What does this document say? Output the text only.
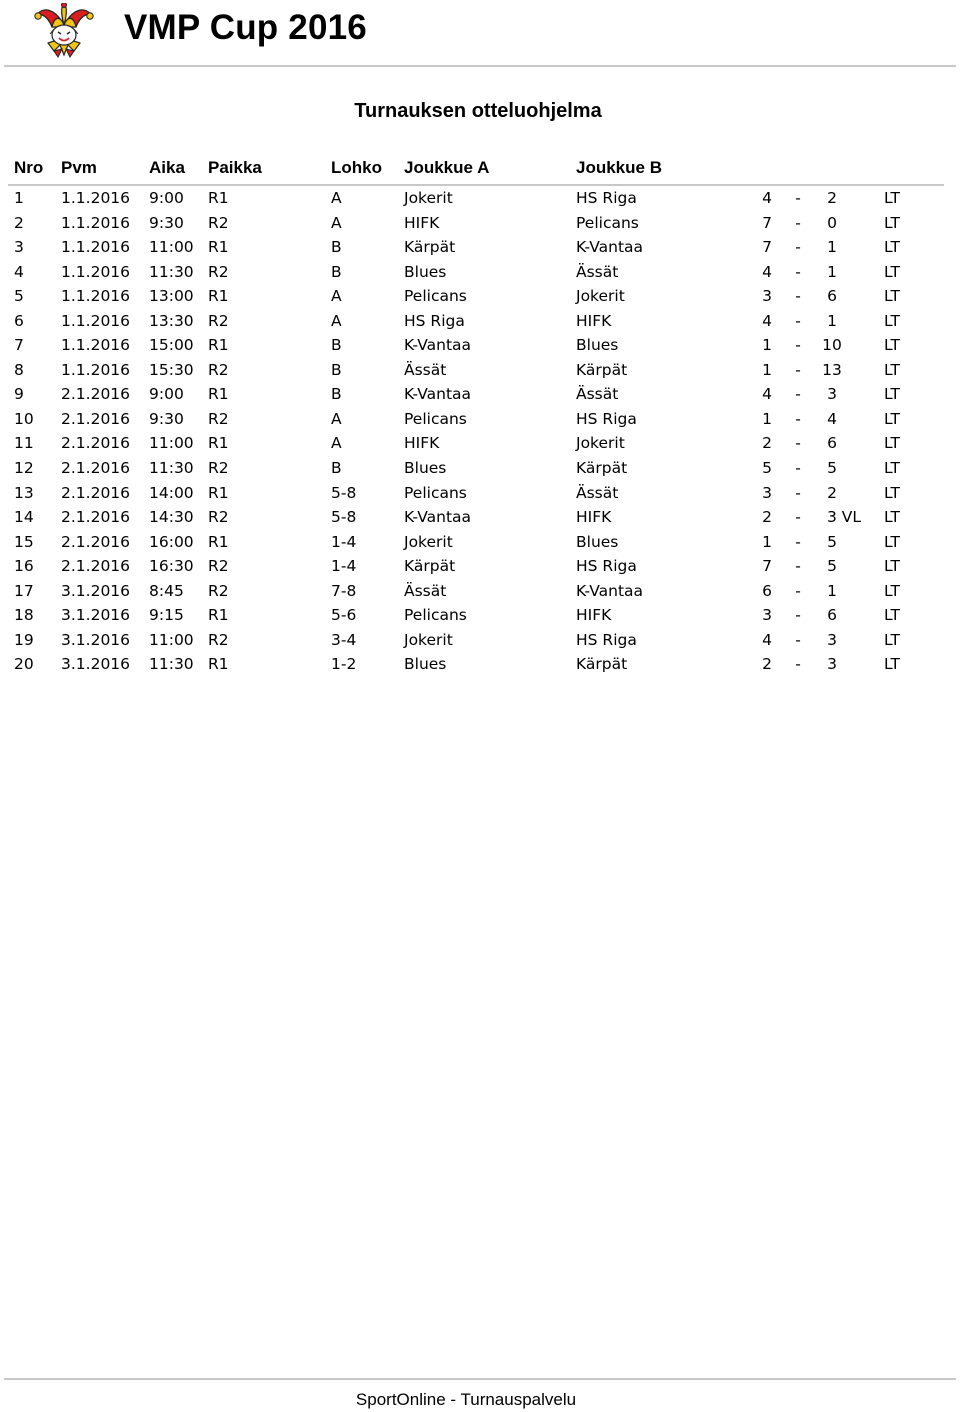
VMP Cup 2016
Turnauksen otteluohjelma
Nro Pvm	Aika Paikka	Lohko Joukkue A	Joukkue B
1 1.1.2016 9:00 R1	A	Jokerit	HS Riga	4	-	2	LT
2 1.1.2016 9:30 R2	A	HIFK	Pelicans	7	-	0	LT
3 1.1.2016 11:00 R1	B	Kärpät	K-Vantaa	7	-	1	LT
4 1.1.2016 11:30 R2	B	Blues	Ässät	4	-	1	LT
5 1.1.2016 13:00 R1	A	Pelicans	Jokerit	3	-	6	LT
6 1.1.2016 13:30 R2	A	HS Riga	HIFK	4	-	1	LT
7 1.1.2016 15:00 R1	B	K-Vantaa	Blues	1	- 10	LT
8 1.1.2016 15:30 R2	B	Ässät	Kärpät	1	- 13	LT
9 2.1.2016 9:00 R1	B	K-Vantaa	Ässät	4	-	3	LT
10 2.1.2016 9:30 R2	A	Pelicans	HS Riga	1	-	4	LT
11 2.1.2016 11:00 R1	A	HIFK	Jokerit	2	-	6	LT
12 2.1.2016 11:30 R2	B	Blues	Kärpät	5	-	5	LT
13 2.1.2016 14:00 R1	5-8	Pelicans	Ässät	3	-	2	LT
14 2.1.2016 14:30 R2	5-8	K-Vantaa	HIFK	2	- 3 VL LT
15 2.1.2016 16:00 R1	1-4	Jokerit	Blues	1	-	5	LT
16 2.1.2016 16:30 R2	1-4	Kärpät	HS Riga	7	-	5	LT
17 3.1.2016 8:45 R2	7-8	Ässät	K-Vantaa	6	-	1	LT
18 3.1.2016 9:15 R1	5-6	Pelicans	HIFK	3	-	6	LT
19 3.1.2016 11:00 R2	3-4	Jokerit	HS Riga	4	-	3	LT
20 3.1.2016 11:30 R1	1-2	Blues	Kärpät	2	-	3	LT
SportOnline - Turnauspalvelu
